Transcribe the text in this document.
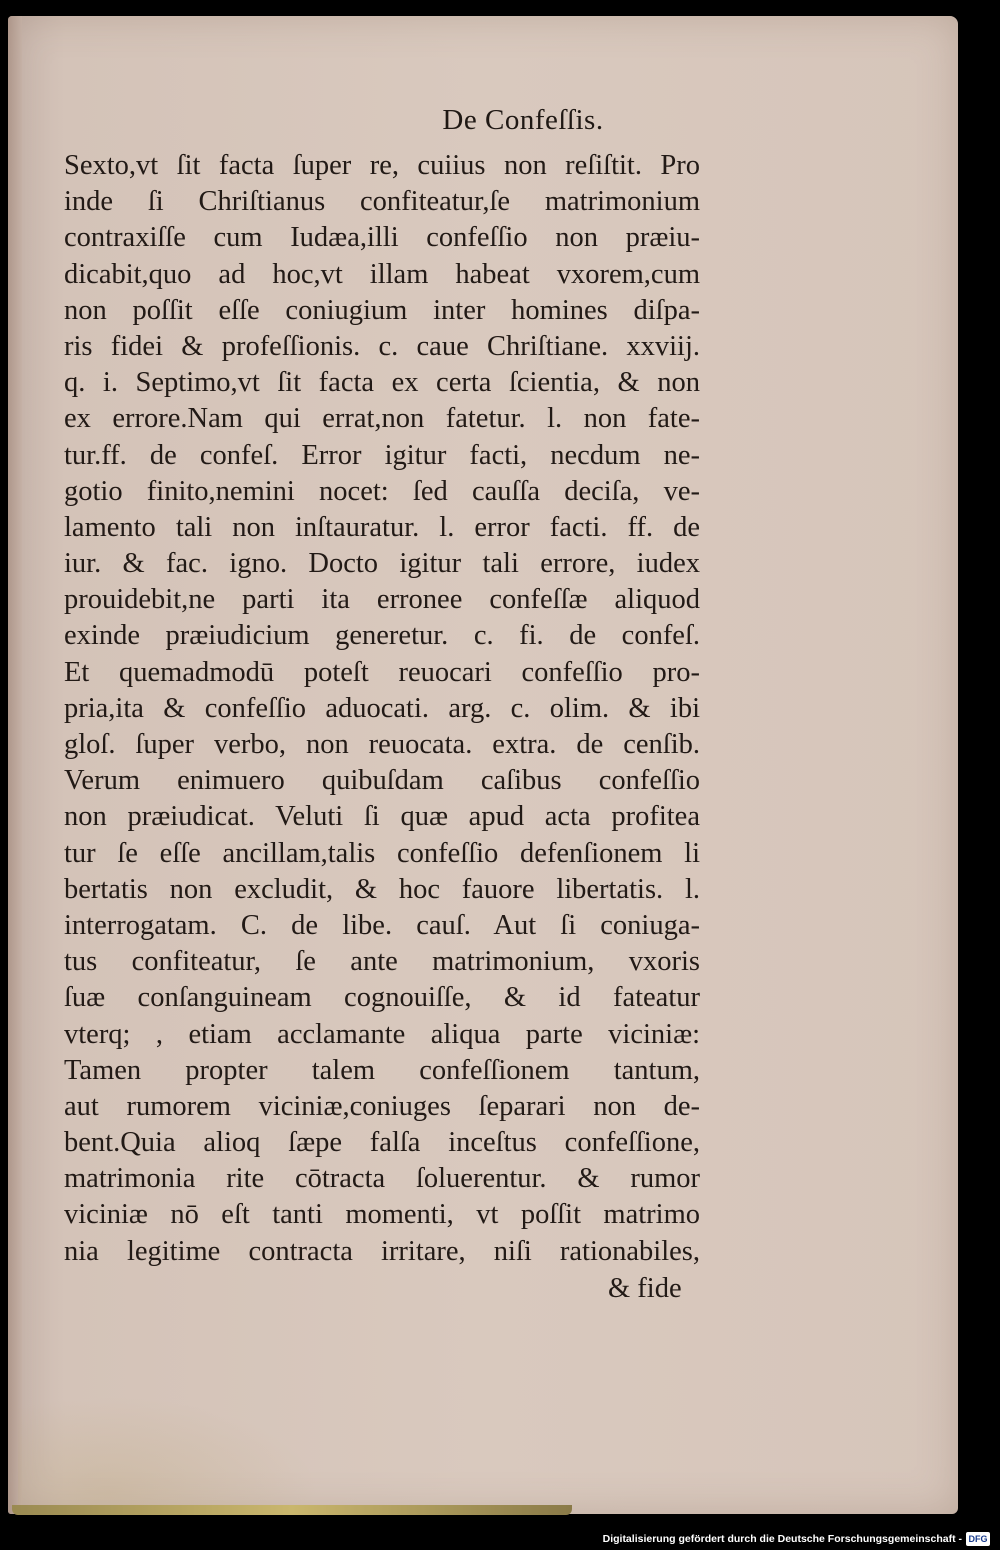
De Confeſſis.
Sexto,vt ſit facta ſuper re, cuiius non reſiſtit. Pro
inde ſi Chriſtianus confiteatur,ſe matrimonium
contraxiſſe cum Iudæa,illi confeſſio non præiu-
dicabit,quo ad hoc,vt illam habeat vxorem,cum
non poſſit eſſe coniugium inter homines diſpa-
ris fidei & profeſſionis. c. caue Chriſtiane. xxviij.
q. i. Septimo,vt ſit facta ex certa ſcientia, & non
ex errore.Nam qui errat,non fatetur. l. non fate-
tur.ff. de confeſ. Error igitur facti, necdum ne-
gotio finito,nemini nocet: ſed cauſſa deciſa, ve-
lamento tali non inſtauratur. l. error facti. ff. de
iur. & fac. igno. Docto igitur tali errore, iudex
prouidebit,ne parti ita erronee confeſſæ aliquod
exinde præiudicium generetur. c. fi. de confeſ.
Et quemadmodū poteſt reuocari confeſſio pro-
pria,ita & confeſſio aduocati. arg. c. olim. & ibi
gloſ. ſuper verbo, non reuocata. extra. de cenſib.
Verum enimuero quibuſdam caſibus confeſſio
non præiudicat. Veluti ſi quæ apud acta profitea
tur ſe eſſe ancillam,talis confeſſio defenſionem li
bertatis non excludit, & hoc fauore libertatis. l.
interrogatam. C. de libe. cauſ. Aut ſi coniuga-
tus confiteatur, ſe ante matrimonium, vxoris
ſuæ conſanguineam cognouiſſe, & id fateatur
vterq; , etiam acclamante aliqua parte viciniæ:
Tamen propter talem confeſſionem tantum,
aut rumorem viciniæ,coniuges ſeparari non de-
bent.Quia alioq ſæpe falſa inceſtus confeſſione,
matrimonia rite cōtracta ſoluerentur. & rumor
viciniæ nō eſt tanti momenti, vt poſſit matrimo
nia legitime contracta irritare, niſi rationabiles,
& fide
Digitalisierung gefördert durch die Deutsche Forschungsgemeinschaft - DFG
